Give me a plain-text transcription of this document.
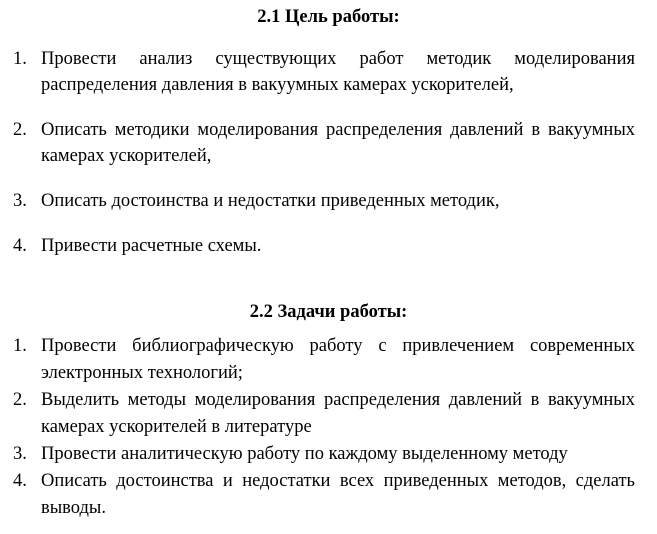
2.1 Цель работы:
1. Провести анализ существующих работ методик моделирования распределения давления в вакуумных камерах ускорителей,
2. Описать методики моделирования распределения давлений в вакуумных камерах ускорителей,
3. Описать достоинства и недостатки приведенных методик,
4. Привести расчетные схемы.
2.2 Задачи работы:
1. Провести библиографическую работу с привлечением современных электронных технологий;
2. Выделить методы моделирования распределения давлений в вакуумных камерах ускорителей в литературе
3. Провести аналитическую работу по каждому выделенному методу
4. Описать достоинства и недостатки всех приведенных методов, сделать выводы.
